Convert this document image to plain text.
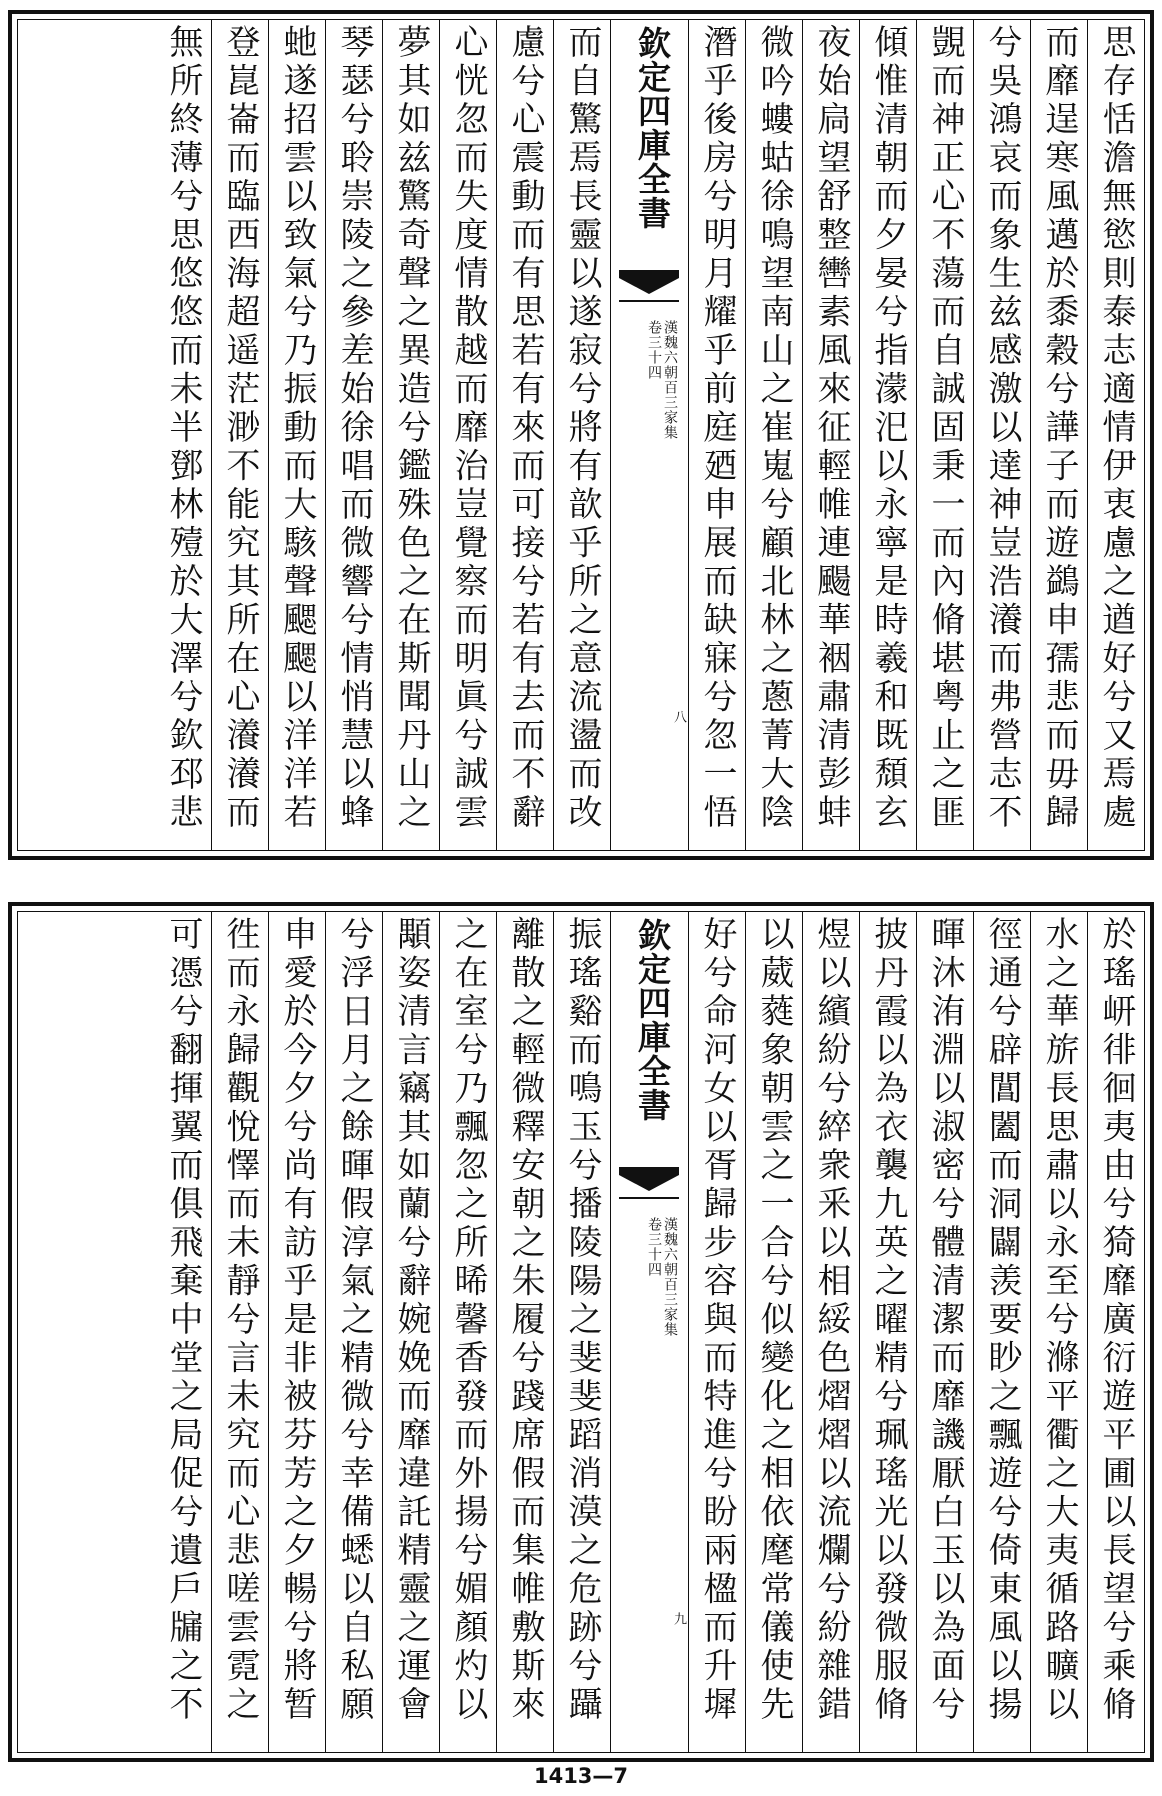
思存恬澹無慾則泰志適情伊衷慮之遒好兮又焉處
而靡逞寒風邁於黍穀兮譁子而遊鷁申孺悲而毋歸
兮吳鴻哀而象生兹感激以達神豈浩瀁而弗營志不
覬而神正心不蕩而自誠固秉一而內脩堪粤止之匪
傾惟清朝而夕晏兮指濛汜以永寧是時羲和既頹玄
夜始扃望舒整轡素風來征輕帷連颺華裀肅清彭蚌
微吟螻蛄徐鳴望南山之崔嵬兮顧北林之蔥菁大陰
潛乎後房兮明月耀乎前庭廼申展而缺寐兮忽一悟
欽定四庫全書
漢魏六朝百三家集
卷三十四
八
而自驚焉長靈以遂寂兮將有歆乎所之意流盪而改
慮兮心震動而有思若有來而可接兮若有去而不辭
心恍忽而失度情散越而靡治豈覺察而明眞兮誠雲
夢其如兹驚奇聲之異造兮鑑殊色之在斯聞丹山之
琴瑟兮聆崇陵之參差始徐唱而微響兮情悄慧以蜂
虵遂招雲以致氣兮乃振動而大駭聲颸颸以洋洋若
登崑崙而臨西海超遥茫渺不能究其所在心瀁瀁而
無所終薄兮思悠悠而未半鄧林殪於大澤兮欽邳悲
於瑤岍徘徊夷由兮猗靡廣衍遊平圃以長望兮乘脩
水之華旂長思肅以永至兮滌平衢之大夷循路曠以
徑通兮辟閶闔而洞闢羡要眇之飄遊兮倚東風以揚
暉沐洧淵以淑密兮體清潔而靡譏厭白玉以為面兮
披丹霞以為衣襲九英之曜精兮珮瑤光以發微服脩
煜以繽紛兮綷衆釆以相綏色熠熠以流爛兮紛雜錯
以葳蕤象朝雲之一合兮似變化之相依麾常儀使先
好兮命河女以胥歸步容與而特進兮盼兩楹而升墀
欽定四庫全書
漢魏六朝百三家集
卷三十四
九
振瑤谿而鳴玉兮播陵陽之斐斐蹈消漠之危跡兮躡
離散之輕微釋安朝之朱履兮踐席假而集帷敷斯來
之在室兮乃飄忽之所晞馨香發而外揚兮媚顏灼以
顒姿清言竊其如蘭兮辭婉娩而靡違託精靈之運會
兮浮日月之餘暉假淳氣之精微兮幸備蟋以自私願
申愛於今夕兮尚有訪乎是非被芬芳之夕暢兮將暂
徃而永歸觀悅懌而未靜兮言未究而心悲嗟雲霓之
可憑兮翻揮翼而俱飛棄中堂之局促兮遺戶牖之不
1413—7
